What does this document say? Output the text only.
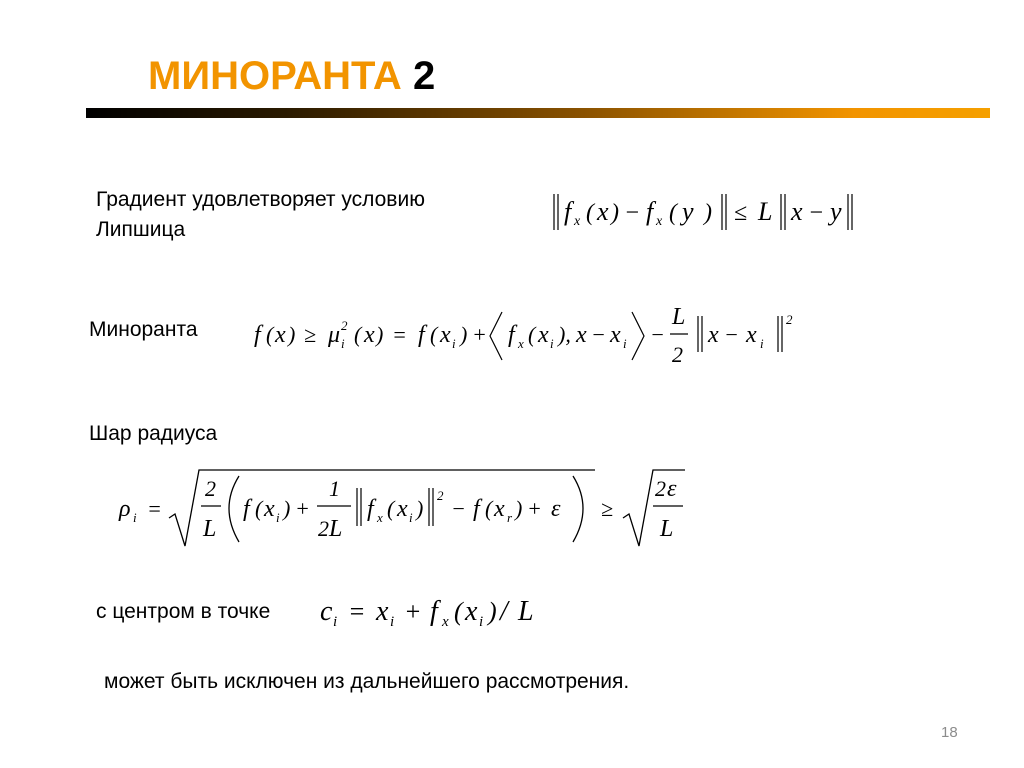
МИНОРАНТА 2
Градиент удовлетворяет условию
Липшица
f x ( x ) − f x ( y ) ≤ L x − y
Миноранта f ( x ) ≥ μ 2
i ( x ) = f ( x i ) + f x ( x i ), x − x i −
L
2
x − x i
2
Шар радиуса
ρ i =
2
L
f ( x i ) +
1
2 L
f x ( x i )
2
− f ( x r ) + ε ≥
2 ε
L
с центром в точке c i = x i + f x ( x i ) / L
может быть исключен из дальнейшего рассмотрения.
18
